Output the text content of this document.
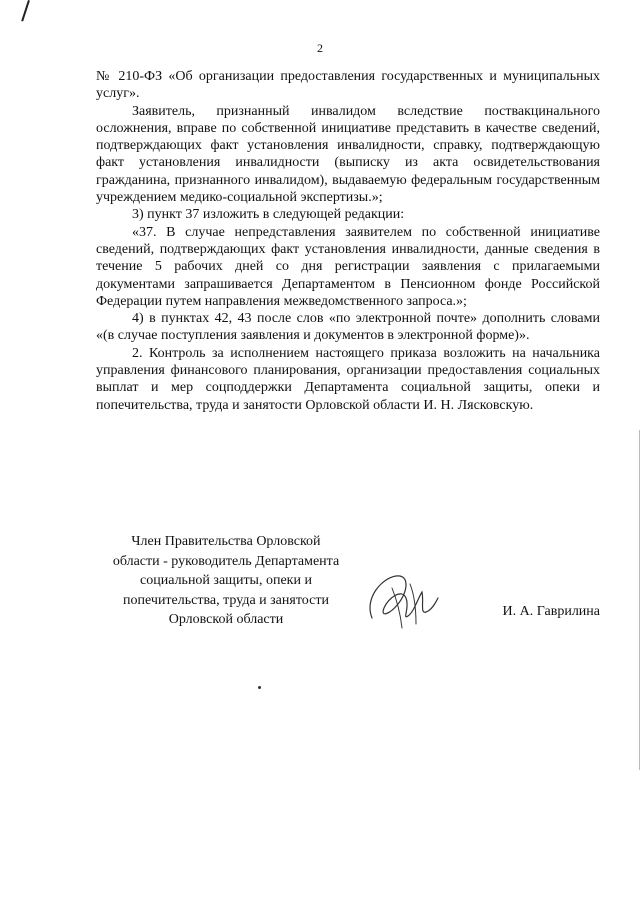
2

№ 210-ФЗ «Об организации предоставления государственных и муниципальных услуг».

Заявитель, признанный инвалидом вследствие поствакцинального осложнения, вправе по собственной инициативе представить в качестве сведений, подтверждающих факт установления инвалидности, справку, подтверждающую факт установления инвалидности (выписку из акта освидетельствования гражданина, признанного инвалидом), выдаваемую федеральным государственным учреждением медико-социальной экспертизы.»;

3) пункт 37 изложить в следующей редакции:

«37. В случае непредставления заявителем по собственной инициативе сведений, подтверждающих факт установления инвалидности, данные сведения в течение 5 рабочих дней со дня регистрации заявления с прилагаемыми документами запрашивается Департаментом в Пенсионном фонде Российской Федерации путем направления межведомственного запроса.»;

4) в пунктах 42, 43 после слов «по электронной почте» дополнить словами «(в случае поступления заявления и документов в электронной форме)».

2. Контроль за исполнением настоящего приказа возложить на начальника управления финансового планирования, организации предоставления социальных выплат и мер соцподдержки Департамента социальной защиты, опеки и попечительства, труда и занятости Орловской области И. Н. Лясковскую.

Член Правительства Орловской
области - руководитель Департамента
социальной защиты, опеки и
попечительства, труда и занятости
Орловской области
И. А. Гаврилина
